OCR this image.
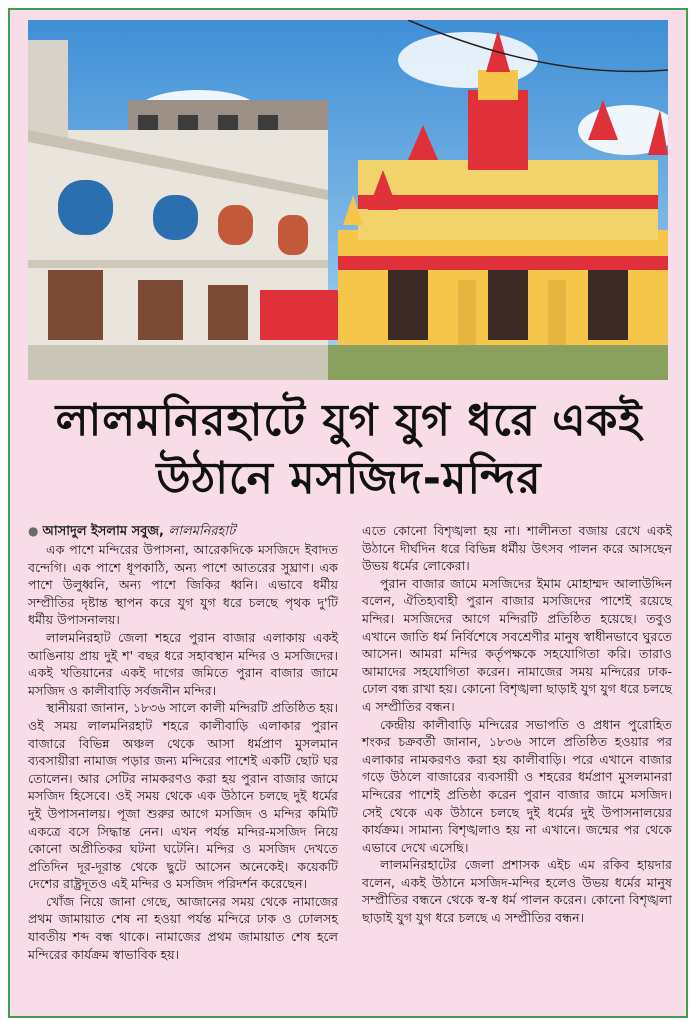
লালমনিরহাটে যুগ যুগ ধরে একই
উঠানে মসজিদ-মন্দির
● আসাদুল ইসলাম সবুজ, লালমনিরহাট

এক পাশে মন্দিরের উপাসনা, আরেকদিকে মসজিদে ইবাদত বন্দেগি। এক পাশে ধূপকাঠি, অন্য পাশে আতরের সুঘ্রাণ। এক পাশে উলুধ্বনি, অন্য পাশে জিকির ধ্বনি। এভাবে ধর্মীয় সম্প্রীতির দৃষ্টান্ত স্থাপন করে যুগ যুগ ধরে চলছে পৃথক দু'টি ধর্মীয় উপাসনালয়।

লালমনিরহাট জেলা শহরে পুরান বাজার এলাকায় একই আঙিনায় প্রায় দুই শ' বছর ধরে সহাবস্থান মন্দির ও মসজিদের। একই খতিয়ানের একই দাগের জমিতে পুরান বাজার জামে মসজিদ ও কালীবাড়ি সর্বজনীন মন্দির।

স্থানীয়রা জানান, ১৮৩৬ সালে কালী মন্দিরটি প্রতিষ্ঠিত হয়। ওই সময় লালমনিরহাট শহরে কালীবাড়ি এলাকার পুরান বাজারে বিভিন্ন অঞ্চল থেকে আসা ধর্মপ্রাণ মুসলমান ব্যবসায়ীরা নামাজ পড়ার জন্য মন্দিরের পাশেই একটি ছোট ঘর তোলেন। আর সেটির নামকরণও করা হয় পুরান বাজার জামে মসজিদ হিসেবে। ওই সময় থেকে এক উঠানে চলছে দুই ধর্মের দুই উপাসনালয়। পূজা শুরুর আগে মসজিদ ও মন্দির কমিটি একত্রে বসে সিদ্ধান্ত নেন। এখন পর্যন্ত মন্দির-মসজিদ নিয়ে কোনো অপ্রীতিকর ঘটনা ঘটেনি। মন্দির ও মসজিদ দেখতে প্রতিদিন দূর-দূরান্ত থেকে ছুটে আসেন অনেকেই। কয়েকটি দেশের রাষ্ট্রদূতও এই মন্দির ও মসজিদ পরিদর্শন করেছেন।

খোঁজ নিয়ে জানা গেছে, আজানের সময় থেকে নামাজের প্রথম জামায়াত শেষ না হওয়া পর্যন্ত মন্দিরে ঢাক ও ঢোলসহ যাবতীয় শব্দ বন্ধ থাকে। নামাজের প্রথম জামায়াত শেষ হলে মন্দিরের কার্যক্রম স্বাভাবিক হয়।

এতে কোনো বিশৃঙ্খলা হয় না। শালীনতা বজায় রেখে একই উঠানে দীর্ঘদিন ধরে বিভিন্ন ধর্মীয় উৎসব পালন করে আসছেন উভয় ধর্মের লোকেরা।

পুরান বাজার জামে মসজিদের ইমাম মোহাম্মদ আলাউদ্দিন বলেন, ঐতিহ্যবাহী পুরান বাজার মসজিদের পাশেই রয়েছে মন্দির। মসজিদের আগে মন্দিরটি প্রতিষ্ঠিত হয়েছে। তবুও এখানে জাতি ধর্ম নির্বিশেষে সবশ্রেণীর মানুষ স্বাধীনভাবে ঘুরতে আসেন। আমরা মন্দির কর্তৃপক্ষকে সহযোগিতা করি। তারাও আমাদের সহযোগিতা করেন। নামাজের সময় মন্দিরের ঢাক-ঢোল বন্ধ রাখা হয়। কোনো বিশৃঙ্খলা ছাড়াই যুগ যুগ ধরে চলছে এ সম্প্রীতির বন্ধন।

কেন্দ্রীয় কালীবাড়ি মন্দিরের সভাপতি ও প্রধান পুরোহিত শংকর চক্রবর্তী জানান, ১৮৩৬ সালে প্রতিষ্ঠিত হওয়ার পর এলাকার নামকরণও করা হয় কালীবাড়ি। পরে এখানে বাজার গড়ে উঠলে বাজারের ব্যবসায়ী ও শহরের ধর্মপ্রাণ মুসলমানরা মন্দিরের পাশেই প্রতিষ্ঠা করেন পুরান বাজার জামে মসজিদ। সেই থেকে এক উঠানে চলছে দুই ধর্মের দুই উপাসনালয়ের কার্যক্রম। সামান্য বিশৃঙ্খলাও হয় না এখানে। জন্মের পর থেকে এভাবে দেখে এসেছি।

লালমনিরহাটের জেলা প্রশাসক এইচ এম রকিব হায়দার বলেন, একই উঠানে মসজিদ-মন্দির হলেও উভয় ধর্মের মানুষ সম্প্রীতির বন্ধনে থেকে স্ব-স্ব ধর্ম পালন করেন। কোনো বিশৃঙ্খলা ছাড়াই যুগ যুগ ধরে চলছে এ সম্প্রীতির বন্ধন।
